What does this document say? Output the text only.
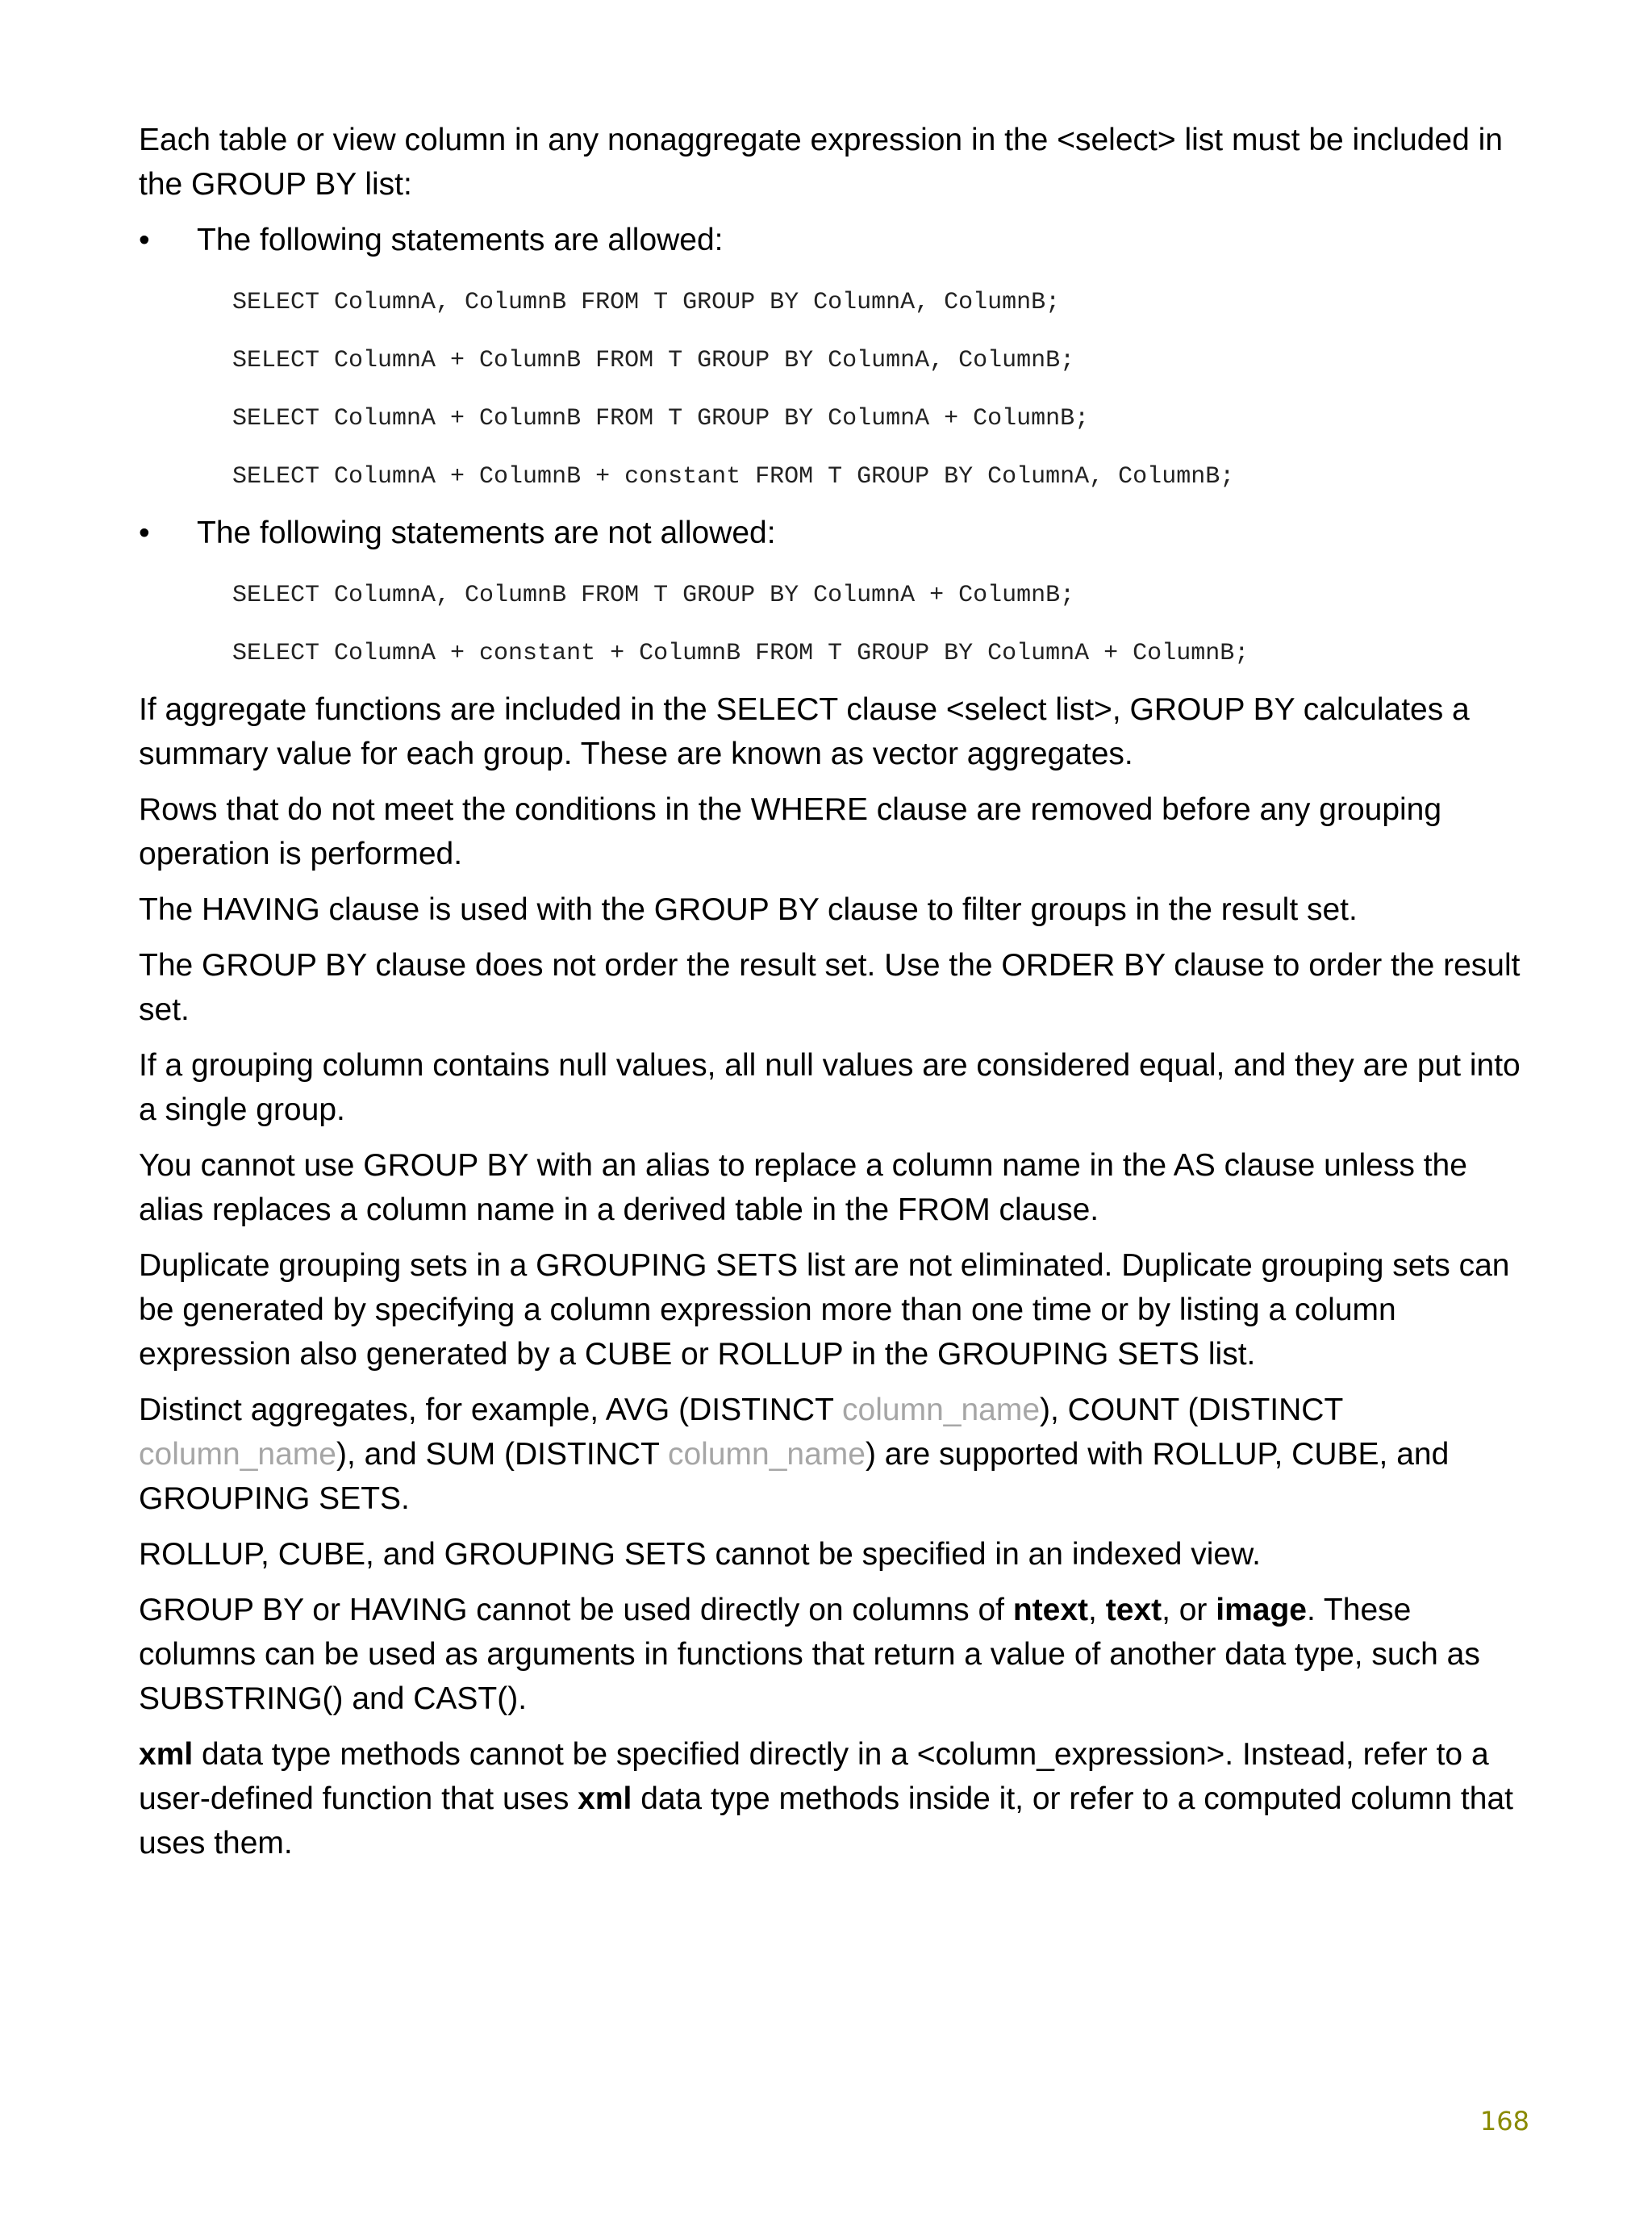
Each table or view column in any nonaggregate expression in the <select> list must be included in the GROUP BY list:

•	The following statements are allowed:
SELECT ColumnA, ColumnB FROM T GROUP BY ColumnA, ColumnB;
SELECT ColumnA + ColumnB FROM T GROUP BY ColumnA, ColumnB;
SELECT ColumnA + ColumnB FROM T GROUP BY ColumnA + ColumnB;
SELECT ColumnA + ColumnB + constant FROM T GROUP BY ColumnA, ColumnB;
•	The following statements are not allowed:
SELECT ColumnA, ColumnB FROM T GROUP BY ColumnA + ColumnB;
SELECT ColumnA + constant + ColumnB FROM T GROUP BY ColumnA + ColumnB;

If aggregate functions are included in the SELECT clause <select list>, GROUP BY calculates a summary value for each group. These are known as vector aggregates.

Rows that do not meet the conditions in the WHERE clause are removed before any grouping operation is performed.

The HAVING clause is used with the GROUP BY clause to filter groups in the result set.

The GROUP BY clause does not order the result set. Use the ORDER BY clause to order the result set.

If a grouping column contains null values, all null values are considered equal, and they are put into a single group.

You cannot use GROUP BY with an alias to replace a column name in the AS clause unless the alias replaces a column name in a derived table in the FROM clause.

Duplicate grouping sets in a GROUPING SETS list are not eliminated. Duplicate grouping sets can be generated by specifying a column expression more than one time or by listing a column expression also generated by a CUBE or ROLLUP in the GROUPING SETS list.

Distinct aggregates, for example, AVG (DISTINCT column_name), COUNT (DISTINCT column_name), and SUM (DISTINCT column_name) are supported with ROLLUP, CUBE, and GROUPING SETS.

ROLLUP, CUBE, and GROUPING SETS cannot be specified in an indexed view.

GROUP BY or HAVING cannot be used directly on columns of ntext, text, or image. These columns can be used as arguments in functions that return a value of another data type, such as SUBSTRING() and CAST().

xml data type methods cannot be specified directly in a <column_expression>. Instead, refer to a user-defined function that uses xml data type methods inside it, or refer to a computed column that uses them.

168
